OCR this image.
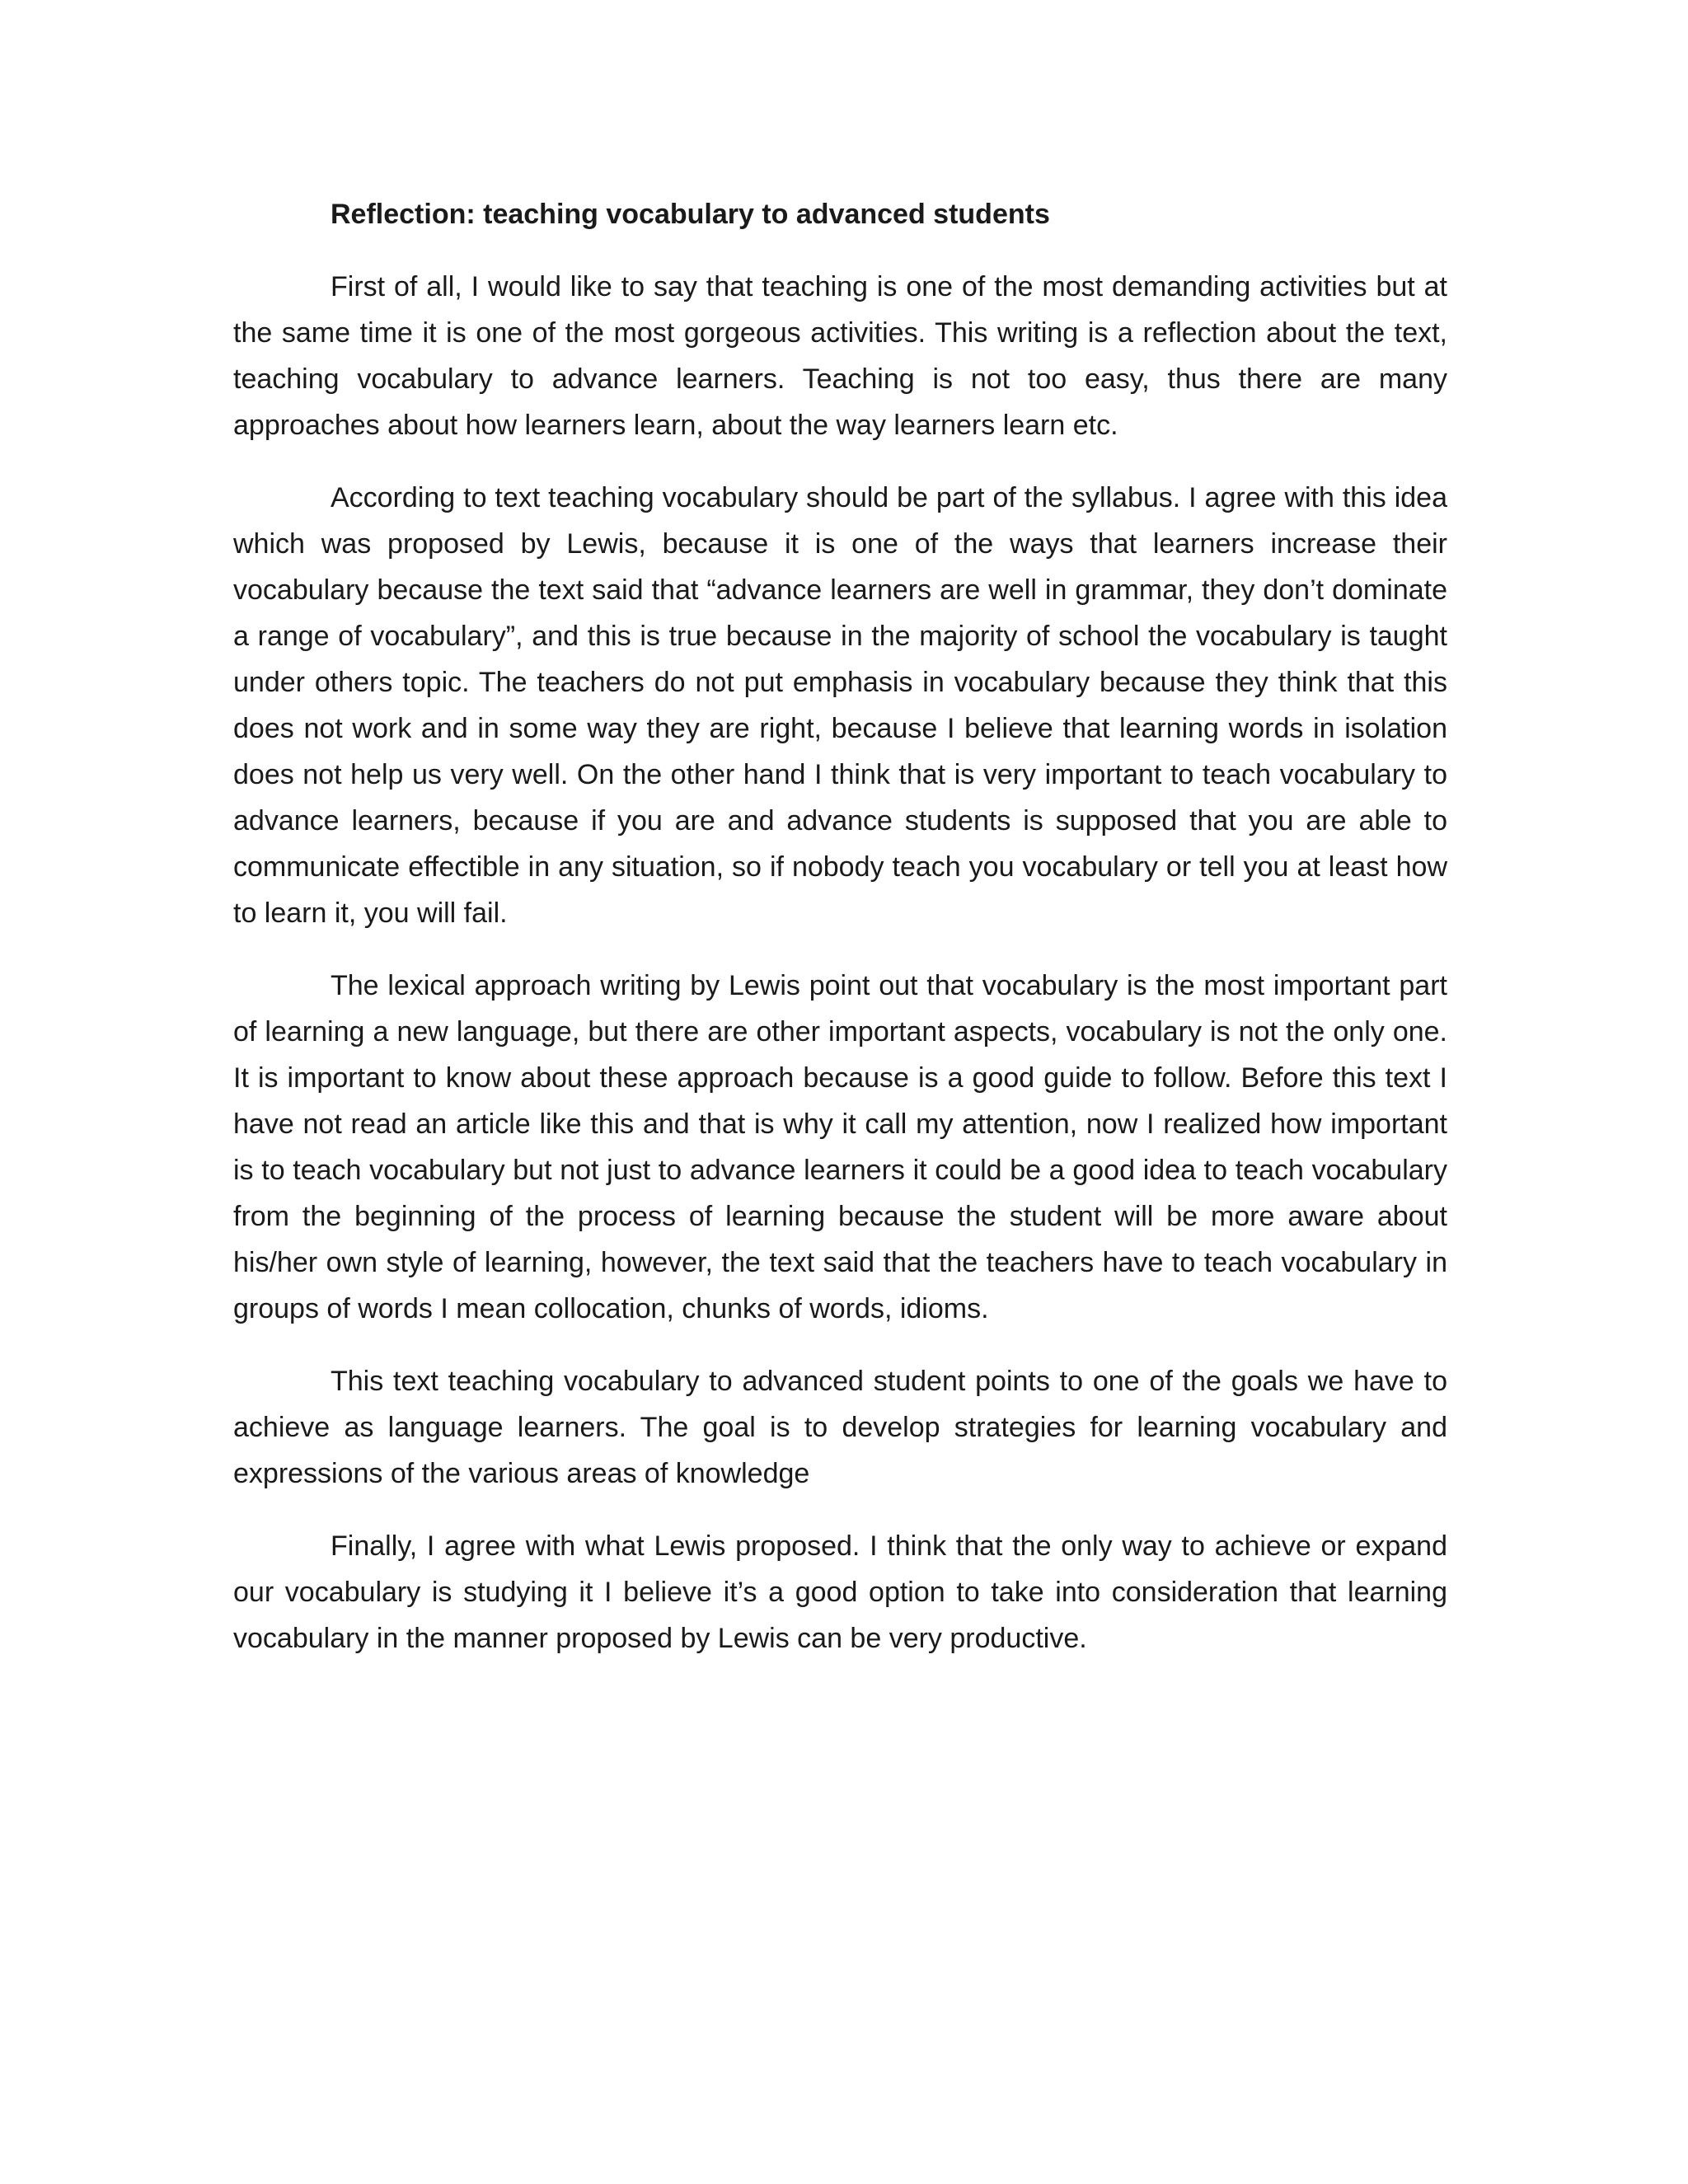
Reflection: teaching vocabulary to advanced students

First of all, I would like to say that teaching is one of the most demanding activities but at the same time it is one of the most gorgeous activities. This writing is a reflection about the text, teaching vocabulary to advance learners. Teaching is not too easy, thus there are many approaches about how learners learn, about the way learners learn etc.

According to text teaching vocabulary should be part of the syllabus. I agree with this idea which was proposed by Lewis, because it is one of the ways that learners increase their vocabulary because the text said that “advance learners are well in grammar, they don’t dominate a range of vocabulary”, and this is true because in the majority of school the vocabulary is taught under others topic. The teachers do not put emphasis in vocabulary because they think that this does not work and in some way they are right, because I believe that learning words in isolation does not help us very well. On the other hand I think that is very important to teach vocabulary to advance learners, because if you are and advance students is supposed that you are able to communicate effectible in any situation, so if nobody teach you vocabulary or tell you at least how to learn it, you will fail.

The lexical approach writing by Lewis point out that vocabulary is the most important part of learning a new language, but there are other important aspects, vocabulary is not the only one. It is important to know about these approach because is a good guide to follow. Before this text I have not read an article like this and that is why it call my attention, now I realized how important is to teach vocabulary but not just to advance learners it could be a good idea to teach vocabulary from the beginning of the process of learning because the student will be more aware about his/her own style of learning, however, the text said that the teachers have to teach vocabulary in groups of words I mean collocation, chunks of words, idioms.

This text teaching vocabulary to advanced student points to one of the goals we have to achieve as language learners. The goal is to develop strategies for learning vocabulary and expressions of the various areas of knowledge

Finally, I agree with what Lewis proposed. I think that the only way to achieve or expand our vocabulary is studying it I believe it’s a good option to take into consideration that learning vocabulary in the manner proposed by Lewis can be very productive.
